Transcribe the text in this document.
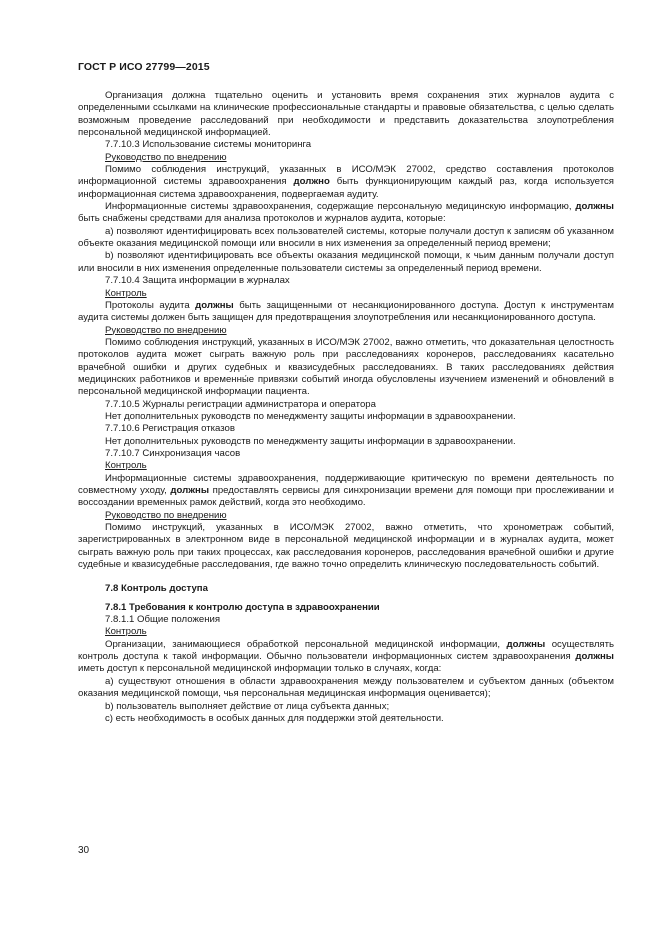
ГОСТ Р ИСО 27799—2015

Организация должна тщательно оценить и установить время сохранения этих журналов аудита с определенными ссылками на клинические профессиональные стандарты и правовые обязательства, с целью сделать возможным проведение расследований при необходимости и представить доказательства злоупотребления персональной медицинской информацией.

7.7.10.3 Использование системы мониторинга

Руководство по внедрению

Помимо соблюдения инструкций, указанных в ИСО/МЭК 27002, средство составления протоколов информационной системы здравоохранения должно быть функционирующим каждый раз, когда используется информационная система здравоохранения, подвергаемая аудиту.

Информационные системы здравоохранения, содержащие персональную медицинскую информацию, должны быть снабжены средствами для анализа протоколов и журналов аудита, которые:

a) позволяют идентифицировать всех пользователей системы, которые получали доступ к записям об указанном объекте оказания медицинской помощи или вносили в них изменения за определенный период времени;

b) позволяют идентифицировать все объекты оказания медицинской помощи, к чьим данным получали доступ или вносили в них изменения определенные пользователи системы за определенный период времени.

7.7.10.4 Защита информации в журналах

Контроль

Протоколы аудита должны быть защищенными от несанкционированного доступа. Доступ к инструментам аудита системы должен быть защищен для предотвращения злоупотребления или несанкционированного доступа.

Руководство по внедрению

Помимо соблюдения инструкций, указанных в ИСО/МЭК 27002, важно отметить, что доказательная целостность протоколов аудита может сыграть важную роль при расследованиях коронеров, расследованиях касательно врачебной ошибки и других судебных и квазисудебных расследованиях. В таких расследованиях действия медицинских работников и временны́е привязки событий иногда обусловлены изучением изменений и обновлений в персональной медицинской информации пациента.

7.7.10.5 Журналы регистрации администратора и оператора

Нет дополнительных руководств по менеджменту защиты информации в здравоохранении.

7.7.10.6 Регистрация отказов

Нет дополнительных руководств по менеджменту защиты информации в здравоохранении.

7.7.10.7 Синхронизация часов

Контроль

Информационные системы здравоохранения, поддерживающие критическую по времени деятельность по совместному уходу, должны предоставлять сервисы для синхронизации времени для помощи при прослеживании и воссоздании временных рамок действий, когда это необходимо.

Руководство по внедрению

Помимо инструкций, указанных в ИСО/МЭК 27002, важно отметить, что хронометраж событий, зарегистрированных в электронном виде в персональной медицинской информации и в журналах аудита, может сыграть важную роль при таких процессах, как расследования коронеров, расследования врачебной ошибки и другие судебные и квазисудебные расследования, где важно точно определить клиническую последовательность событий.

7.8 Контроль доступа

7.8.1 Требования к контролю доступа в здравоохранении

7.8.1.1 Общие положения

Контроль

Организации, занимающиеся обработкой персональной медицинской информации, должны осуществлять контроль доступа к такой информации. Обычно пользователи информационных систем здравоохранения должны иметь доступ к персональной медицинской информации только в случаях, когда:

a) существуют отношения в области здравоохранения между пользователем и субъектом данных (объектом оказания медицинской помощи, чья персональная медицинская информация оценивается);

b) пользователь выполняет действие от лица субъекта данных;

c) есть необходимость в особых данных для поддержки этой деятельности.

30
